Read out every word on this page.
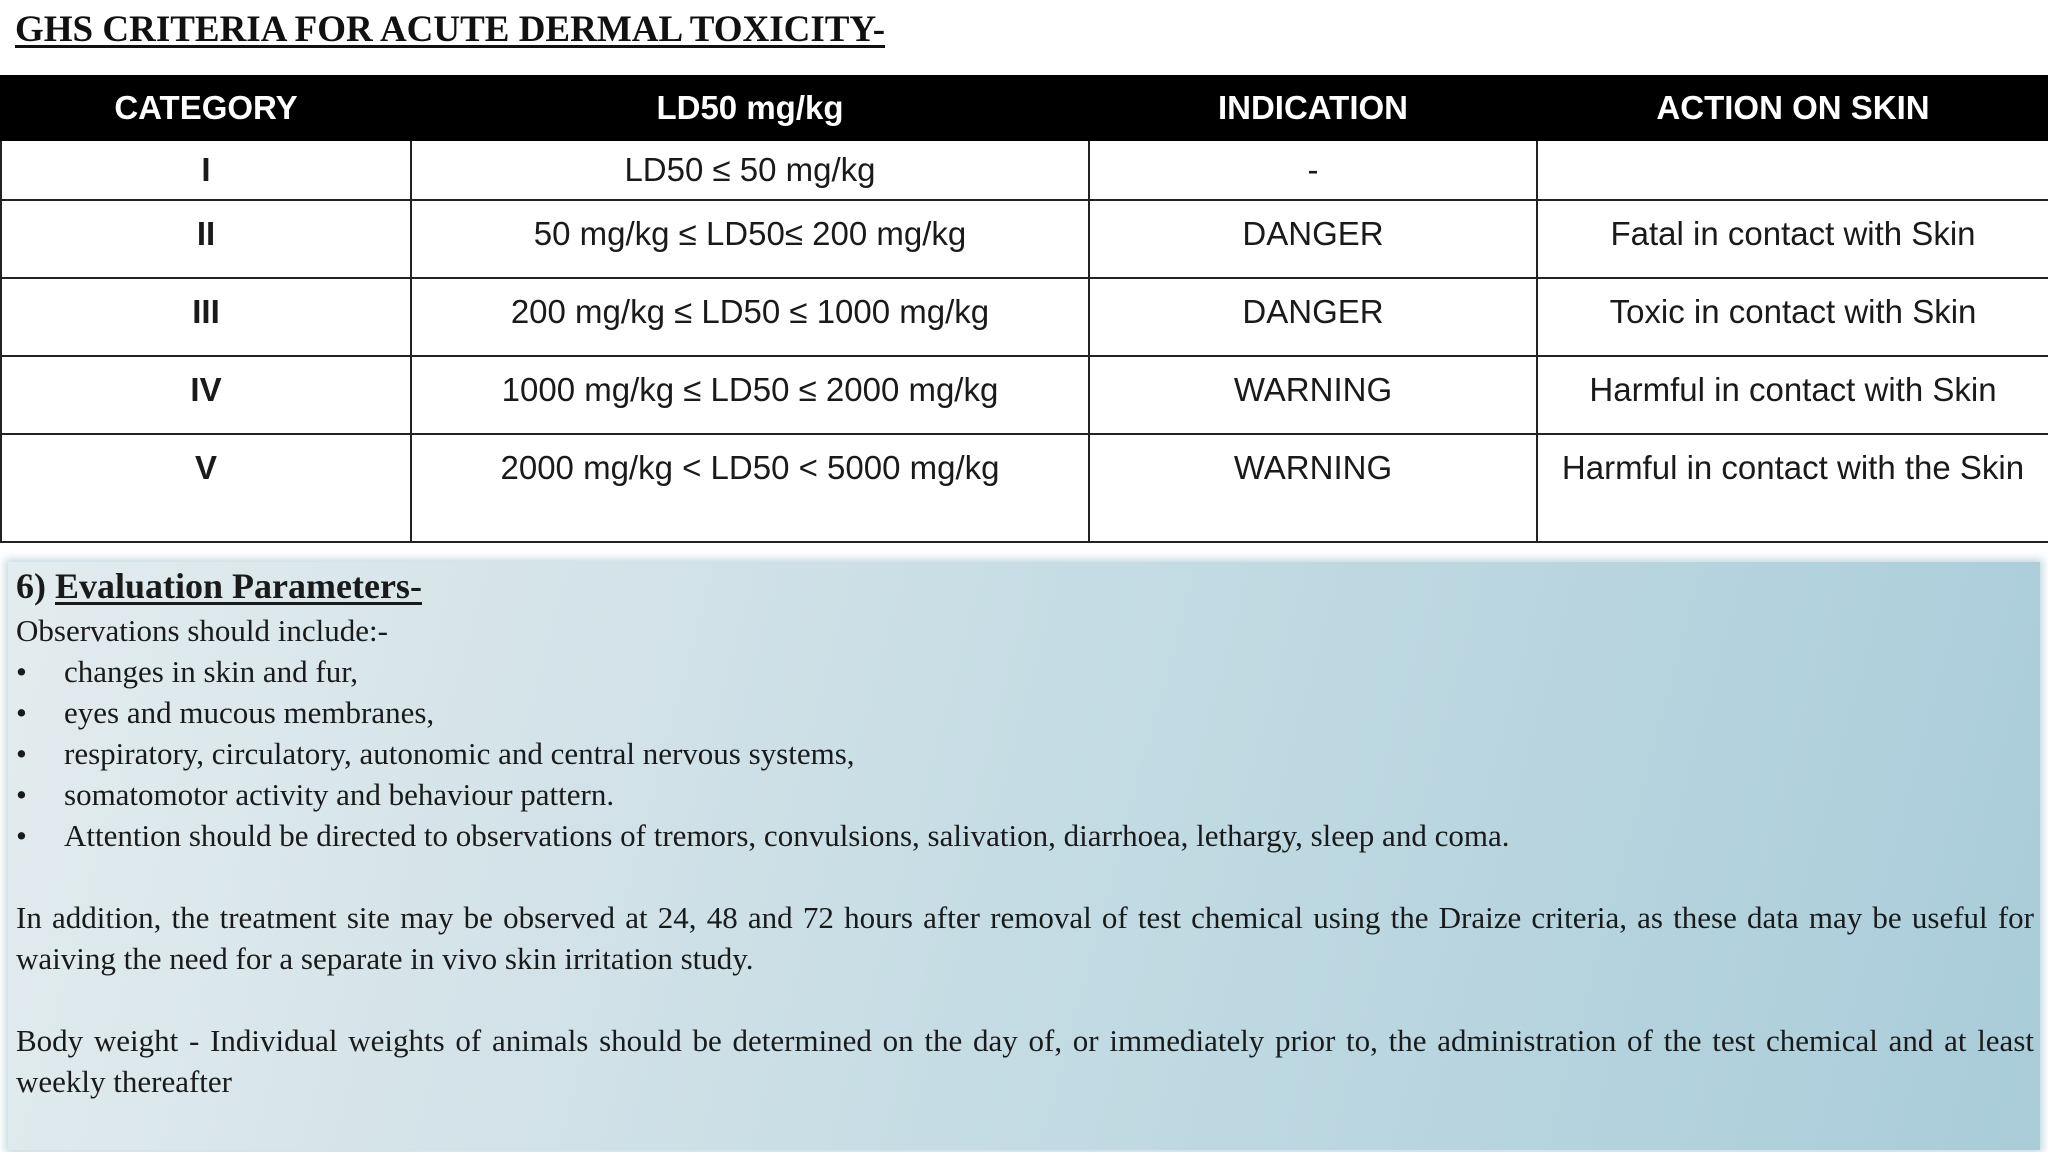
GHS CRITERIA FOR ACUTE DERMAL TOXICITY-
CATEGORY	LD50 mg/kg	INDICATION	ACTION ON SKIN
I	LD50 ≤ 50 mg/kg	-	
II	50 mg/kg ≤ LD50≤ 200 mg/kg	DANGER	Fatal in contact with Skin
III	200 mg/kg ≤ LD50 ≤ 1000 mg/kg	DANGER	Toxic in contact with Skin
IV	1000 mg/kg ≤ LD50 ≤ 2000 mg/kg	WARNING	Harmful in contact with Skin
V	2000 mg/kg < LD50 < 5000 mg/kg	WARNING	Harmful in contact with the Skin

6) Evaluation Parameters-

Observations should include:-

• changes in skin and fur,
• eyes and mucous membranes,
• respiratory, circulatory, autonomic and central nervous systems,
• somatomotor activity and behaviour pattern.
• Attention should be directed to observations of tremors, convulsions, salivation, diarrhoea, lethargy, sleep and coma.

In addition, the treatment site may be observed at 24, 48 and 72 hours after removal of test chemical using the Draize criteria, as these data may be useful for waiving the need for a separate in vivo skin irritation study.

Body weight - Individual weights of animals should be determined on the day of, or immediately prior to, the administration of the test chemical and at least weekly thereafter
